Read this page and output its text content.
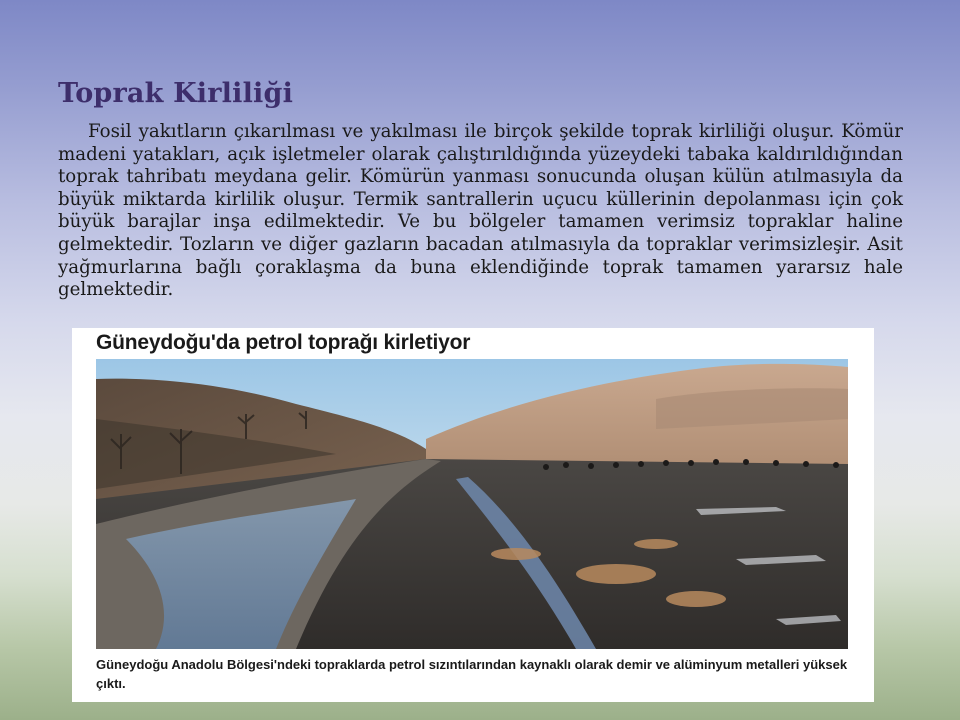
Toprak Kirliliği

Fosil yakıtların çıkarılması ve yakılması ile birçok şekilde toprak kirliliği oluşur. Kömür madeni yatakları, açık işletmeler olarak çalıştırıldığında yüzeydeki tabaka kaldırıldığından toprak tahribatı meydana gelir. Kömürün yanması sonucunda oluşan külün atılmasıyla da büyük miktarda kirlilik oluşur. Termik santrallerin uçucu küllerinin depolanması için çok büyük barajlar inşa edilmektedir. Ve bu bölgeler tamamen verimsiz topraklar haline gelmektedir. Tozların ve diğer gazların bacadan atılmasıyla da topraklar verimsizleşir. Asit yağmurlarına bağlı çoraklaşma da buna eklendiğinde toprak tamamen yararsız hale gelmektedir.

Güneydoğu'da petrol toprağı kirletiyor
Güneydoğu Anadolu Bölgesi'ndeki topraklarda petrol sızıntılarından kaynaklı olarak demir ve alüminyum metalleri yüksek çıktı.
